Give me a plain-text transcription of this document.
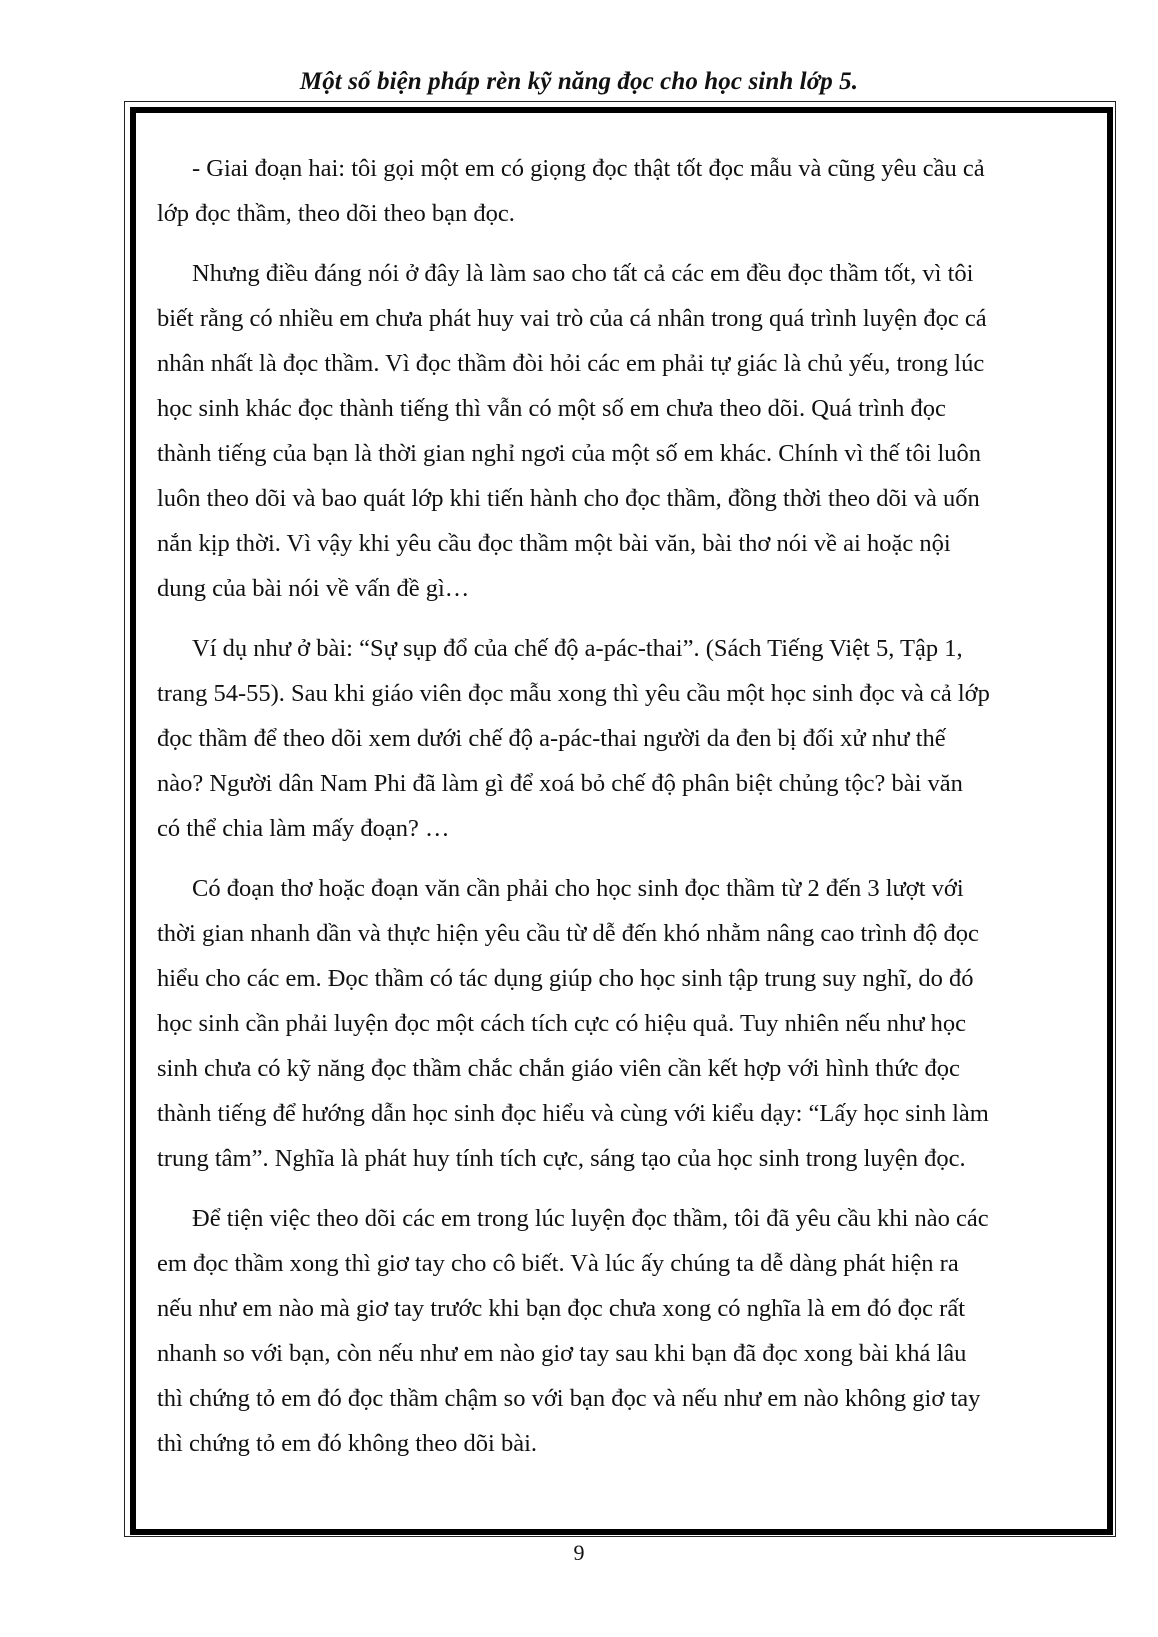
Một số biện pháp rèn kỹ năng đọc cho học sinh lớp 5.
- Giai đoạn hai: tôi gọi một em có giọng đọc thật tốt đọc mẫu và cũng yêu cầu cả
lớp đọc thầm, theo dõi theo bạn đọc.
Nhưng điều đáng nói ở đây là làm sao cho tất cả các em đều đọc thầm tốt, vì tôi
biết rằng có nhiều em chưa phát huy vai trò của cá nhân trong quá trình luyện đọc cá
nhân nhất là đọc thầm. Vì đọc thầm đòi hỏi các em phải tự giác là chủ yếu, trong lúc
học sinh khác đọc thành tiếng thì vẫn có một số em chưa theo dõi. Quá trình đọc
thành tiếng của bạn là thời gian nghỉ ngơi của một số em khác. Chính vì thế tôi luôn
luôn theo dõi và bao quát lớp khi tiến hành cho đọc thầm, đồng thời theo dõi và uốn
nắn kịp thời. Vì vậy khi yêu cầu đọc thầm một bài văn, bài thơ nói về ai hoặc nội
dung của bài nói về vấn đề gì…
Ví dụ như ở bài: “Sự sụp đổ của chế độ a-pác-thai”. (Sách Tiếng Việt 5, Tập 1,
trang 54-55). Sau khi giáo viên đọc mẫu xong thì yêu cầu một học sinh đọc và cả lớp
đọc thầm để theo dõi xem dưới chế độ a-pác-thai người da đen bị đối xử như thế
nào? Người dân Nam Phi đã làm gì để xoá bỏ chế độ phân biệt chủng tộc? bài văn
có thể chia làm mấy đoạn? …
Có đoạn thơ hoặc đoạn văn cần phải cho học sinh đọc thầm từ 2 đến 3 lượt với
thời gian nhanh dần và thực hiện yêu cầu từ dễ đến khó nhằm nâng cao trình độ đọc
hiểu cho các em. Đọc thầm có tác dụng giúp cho học sinh tập trung suy nghĩ, do đó
học sinh cần phải luyện đọc một cách tích cực có hiệu quả. Tuy nhiên nếu như học
sinh chưa có kỹ năng đọc thầm chắc chắn giáo viên cần kết hợp với hình thức đọc
thành tiếng để hướng dẫn học sinh đọc hiểu và cùng với kiểu dạy: “Lấy học sinh làm
trung tâm”. Nghĩa là phát huy tính tích cực, sáng tạo của học sinh trong luyện đọc.
Để tiện việc theo dõi các em trong lúc luyện đọc thầm, tôi đã yêu cầu khi nào các
em đọc thầm xong thì giơ tay cho cô biết. Và lúc ấy chúng ta dễ dàng phát hiện ra
nếu như em nào mà giơ tay trước khi bạn đọc chưa xong có nghĩa là em đó đọc rất
nhanh so với bạn, còn nếu như em nào giơ tay sau khi bạn đã đọc xong bài khá lâu
thì chứng tỏ em đó đọc thầm chậm so với bạn đọc và nếu như em nào không giơ tay
thì chứng tỏ em đó không theo dõi bài.
9
